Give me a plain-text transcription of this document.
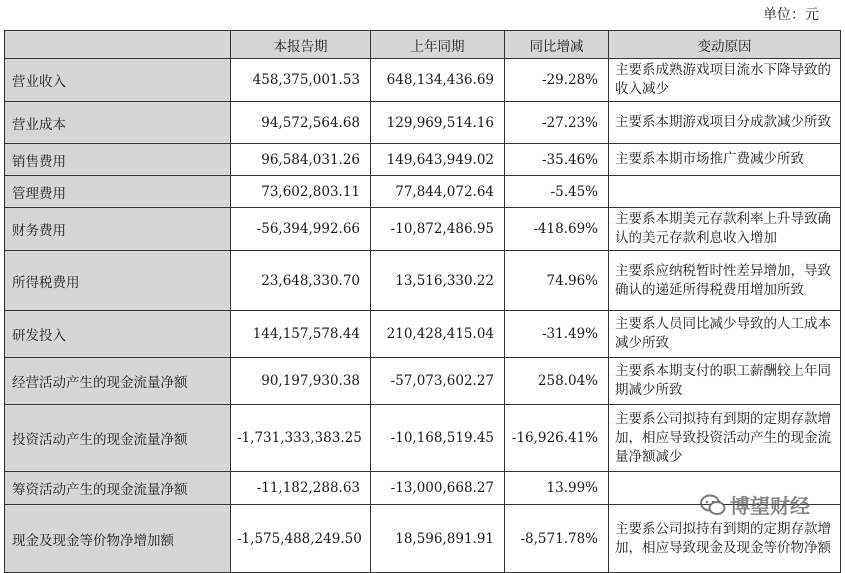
单位：元
	本报告期	上年同期	同比增减	变动原因
营业收入	458,375,001.53	648,134,436.69	-29.28%	主要系成熟游戏项目流水下降导致的收入减少
营业成本	94,572,564.68	129,969,514.16	-27.23%	主要系本期游戏项目分成款减少所致
销售费用	96,584,031.26	149,643,949.02	-35.46%	主要系本期市场推广费减少所致
管理费用	73,602,803.11	77,844,072.64	-5.45%	
财务费用	-56,394,992.66	-10,872,486.95	-418.69%	主要系本期美元存款利率上升导致确认的美元存款利息收入增加
所得税费用	23,648,330.70	13,516,330.22	74.96%	主要系应纳税暂时性差异增加，导致确认的递延所得税费用增加所致
研发投入	144,157,578.44	210,428,415.04	-31.49%	主要系人员同比减少导致的人工成本减少所致
经营活动产生的现金流量净额	90,197,930.38	-57,073,602.27	258.04%	主要系本期支付的职工薪酬较上年同期减少所致
投资活动产生的现金流量净额	-1,731,333,383.25	-10,168,519.45	-16,926.41%	主要系公司拟持有到期的定期存款增加，相应导致投资活动产生的现金流量净额减少
筹资活动产生的现金流量净额	-11,182,288.63	-13,000,668.27	13.99%	
现金及现金等价物净增加额	-1,575,488,249.50	18,596,891.91	-8,571.78%	主要系公司拟持有到期的定期存款增加，相应导致现金及现金等价物净额
博望财经
